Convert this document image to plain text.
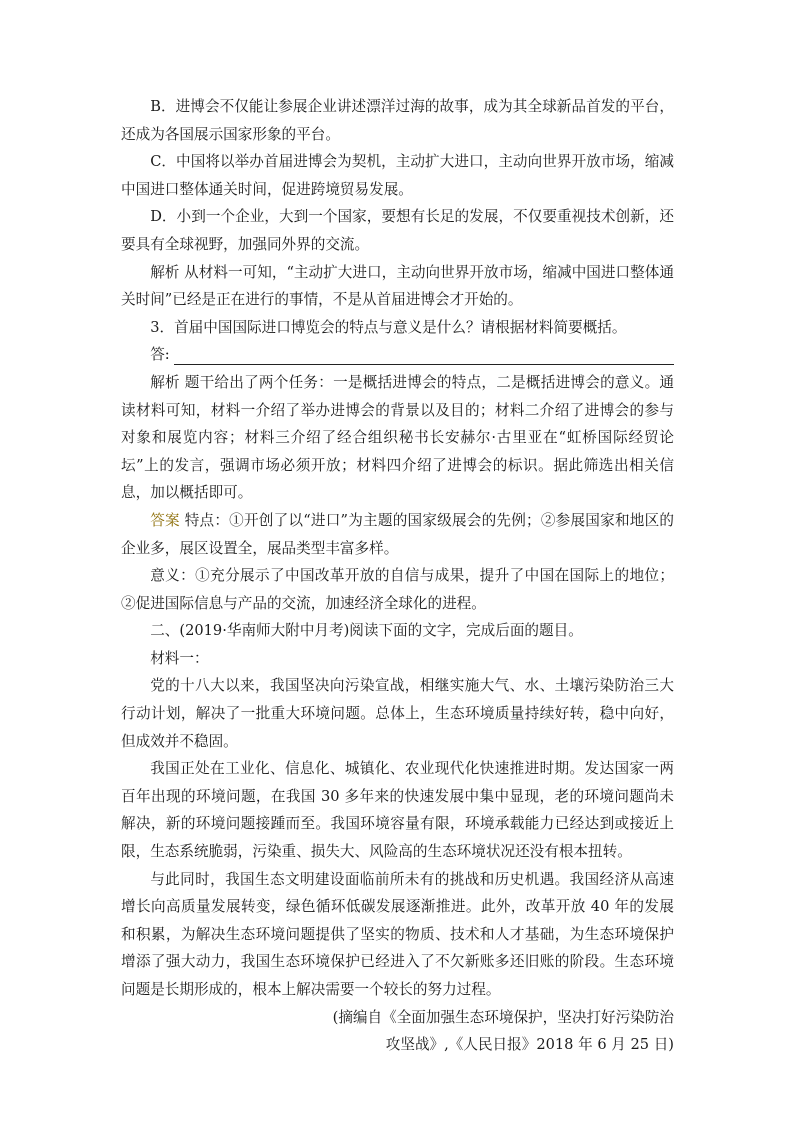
B．进博会不仅能让参展企业讲述漂洋过海的故事，成为其全球新品首发的平台，还成为各国展示国家形象的平台。

C．中国将以举办首届进博会为契机，主动扩大进口，主动向世界开放市场，缩减中国进口整体通关时间，促进跨境贸易发展。

D．小到一个企业，大到一个国家，要想有长足的发展，不仅要重视技术创新，还要具有全球视野，加强同外界的交流。

解析 从材料一可知，“主动扩大进口，主动向世界开放市场，缩减中国进口整体通关时间”已经是正在进行的事情，不是从首届进博会才开始的。

3．首届中国国际进口博览会的特点与意义是什么？请根据材料简要概括。

答:

解析 题干给出了两个任务：一是概括进博会的特点，二是概括进博会的意义。通读材料可知，材料一介绍了举办进博会的背景以及目的；材料二介绍了进博会的参与对象和展览内容；材料三介绍了经合组织秘书长安赫尔·古里亚在“虹桥国际经贸论坛”上的发言，强调市场必须开放；材料四介绍了进博会的标识。据此筛选出相关信息，加以概括即可。

答案 特点：①开创了以“进口”为主题的国家级展会的先例；②参展国家和地区的企业多，展区设置全，展品类型丰富多样。

意义：①充分展示了中国改革开放的自信与成果，提升了中国在国际上的地位；②促进国际信息与产品的交流，加速经济全球化的进程。

二、(2019·华南师大附中月考)阅读下面的文字，完成后面的题目。

材料一：

党的十八大以来，我国坚决向污染宣战，相继实施大气、水、土壤污染防治三大行动计划，解决了一批重大环境问题。总体上，生态环境质量持续好转，稳中向好，但成效并不稳固。

我国正处在工业化、信息化、城镇化、农业现代化快速推进时期。发达国家一两百年出现的环境问题，在我国 30 多年来的快速发展中集中显现，老的环境问题尚未解决，新的环境问题接踵而至。我国环境容量有限，环境承载能力已经达到或接近上限，生态系统脆弱，污染重、损失大、风险高的生态环境状况还没有根本扭转。

与此同时，我国生态文明建设面临前所未有的挑战和历史机遇。我国经济从高速增长向高质量发展转变，绿色循环低碳发展逐渐推进。此外，改革开放 40 年的发展和积累，为解决生态环境问题提供了坚实的物质、技术和人才基础，为生态环境保护增添了强大动力，我国生态环境保护已经进入了不欠新账多还旧账的阶段。生态环境问题是长期形成的，根本上解决需要一个较长的努力过程。

(摘编自《全面加强生态环境保护，坚决打好污染防治

攻坚战》,《人民日报》2018 年 6 月 25 日)
